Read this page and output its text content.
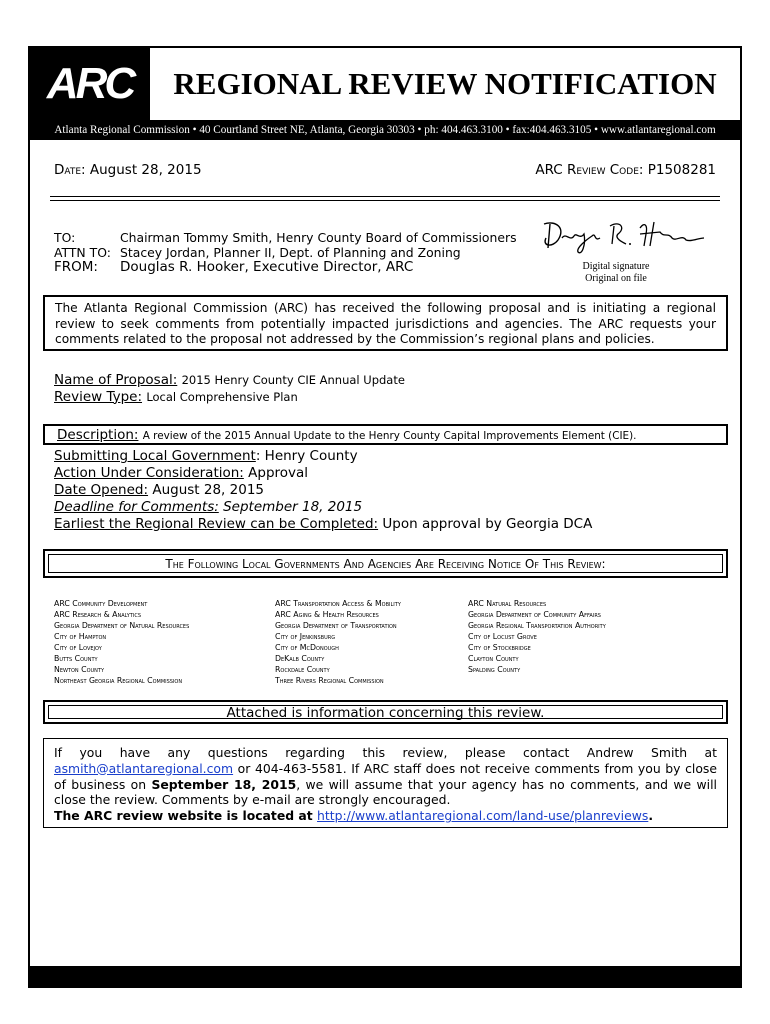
ARC	REGIONAL REVIEW NOTIFICATION
Atlanta Regional Commission • 40 Courtland Street NE, Atlanta, Georgia 30303 • ph: 404.463.3100 • fax:404.463.3105 • www.atlantaregional.com
Date: August 28, 2015	ARC Review Code: P1508281
TO:	Chairman Tommy Smith, Henry County Board of Commissioners
ATTN TO: Stacey Jordan, Planner II, Dept. of Planning and Zoning
FROM: Douglas R. Hooker, Executive Director, ARC	Digital signature
Original on file
The Atlanta Regional Commission (ARC) has received the following proposal and is initiating a regional review to seek comments from potentially impacted jurisdictions and agencies. The ARC requests your comments related to the proposal not addressed by the Commission’s regional plans and policies.
Name of Proposal: 2015 Henry County CIE Annual Update
Review Type: Local Comprehensive Plan
Description: A review of the 2015 Annual Update to the Henry County Capital Improvements Element (CIE).
Submitting Local Government: Henry County
Action Under Consideration: Approval
Date Opened: August 28, 2015
Deadline for Comments: September 18, 2015
Earliest the Regional Review can be Completed: Upon approval by Georgia DCA
The Following Local Governments And Agencies Are Receiving Notice Of This Review:
ARC Community Development
ARC Research & Analytics
Georgia Department of Natural Resources
City of Hampton
City of Lovejoy
Butts County
Newton County
Northeast Georgia Regional Commission
ARC Transportation Access & Mobility
ARC Aging & Health Resources
Georgia Department of Transportation
City of Jenkinsburg
City of McDonough
DeKalb County
Rockdale County
Three Rivers Regional Commission
ARC Natural Resources
Georgia Department of Community Affairs
Georgia Regional Transportation Authority
City of Locust Grove
City of Stockbridge
Clayton County
Spalding County
Attached is information concerning this review.
If you have any questions regarding this review, please contact Andrew Smith at asmith@atlantaregional.com or 404-463-5581. If ARC staff does not receive comments from you by close of business on September 18, 2015, we will assume that your agency has no comments, and we will close the review. Comments by e-mail are strongly encouraged.
The ARC review website is located at http://www.atlantaregional.com/land-use/planreviews.
